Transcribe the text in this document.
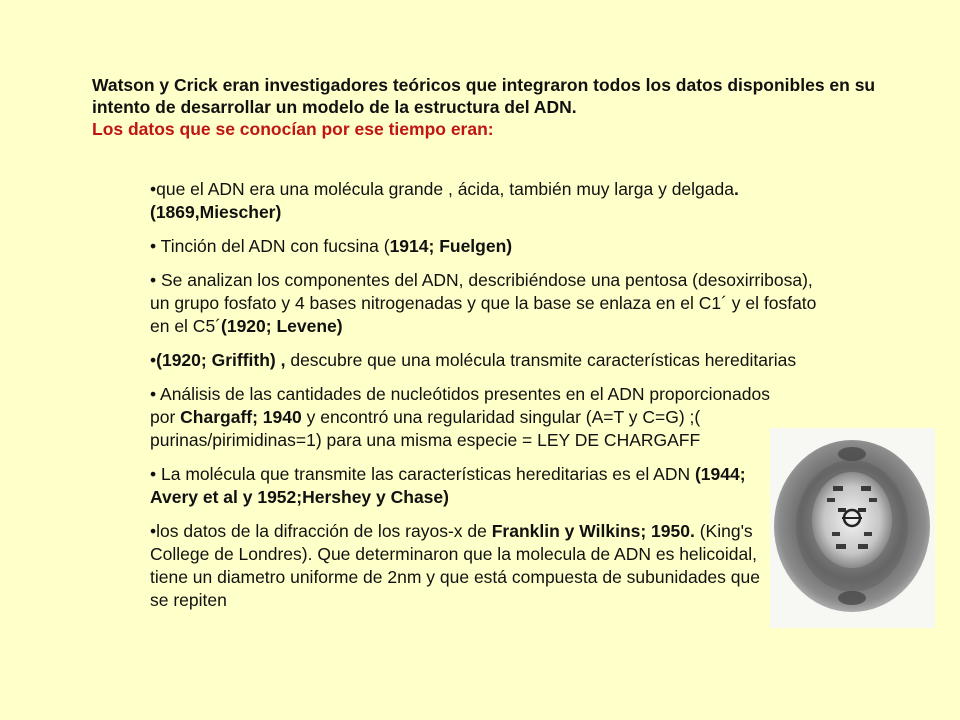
Watson y Crick eran investigadores teóricos que integraron todos los datos disponibles en su intento de desarrollar un modelo de la estructura del ADN.
Los datos que se conocían por ese tiempo eran:

•que el ADN era una molécula grande , ácida, también muy larga y delgada. (1869,Miescher)
• Tinción del ADN con fucsina (1914; Fuelgen)
• Se analizan los componentes del ADN, describiéndose una pentosa (desoxirribosa), un grupo fosfato y 4 bases nitrogenadas y que la base se enlaza en el C1´ y el fosfato en el C5´(1920; Levene)
•(1920; Griffith) , descubre que una molécula transmite características hereditarias
• Análisis de las cantidades de nucleótidos presentes en el ADN proporcionados por Chargaff; 1940 y encontró una regularidad singular (A=T y C=G) ;( purinas/pirimidinas=1) para una misma especie = LEY DE CHARGAFF
• La molécula que transmite las características hereditarias es el ADN (1944; Avery et al y 1952;Hershey y Chase)
•los datos de la difracción de los rayos-x de Franklin y Wilkins; 1950. (King's College de Londres). Que determinaron que la molecula de ADN es helicoidal, tiene un diametro uniforme de 2nm y que está compuesta de subunidades que se repiten
